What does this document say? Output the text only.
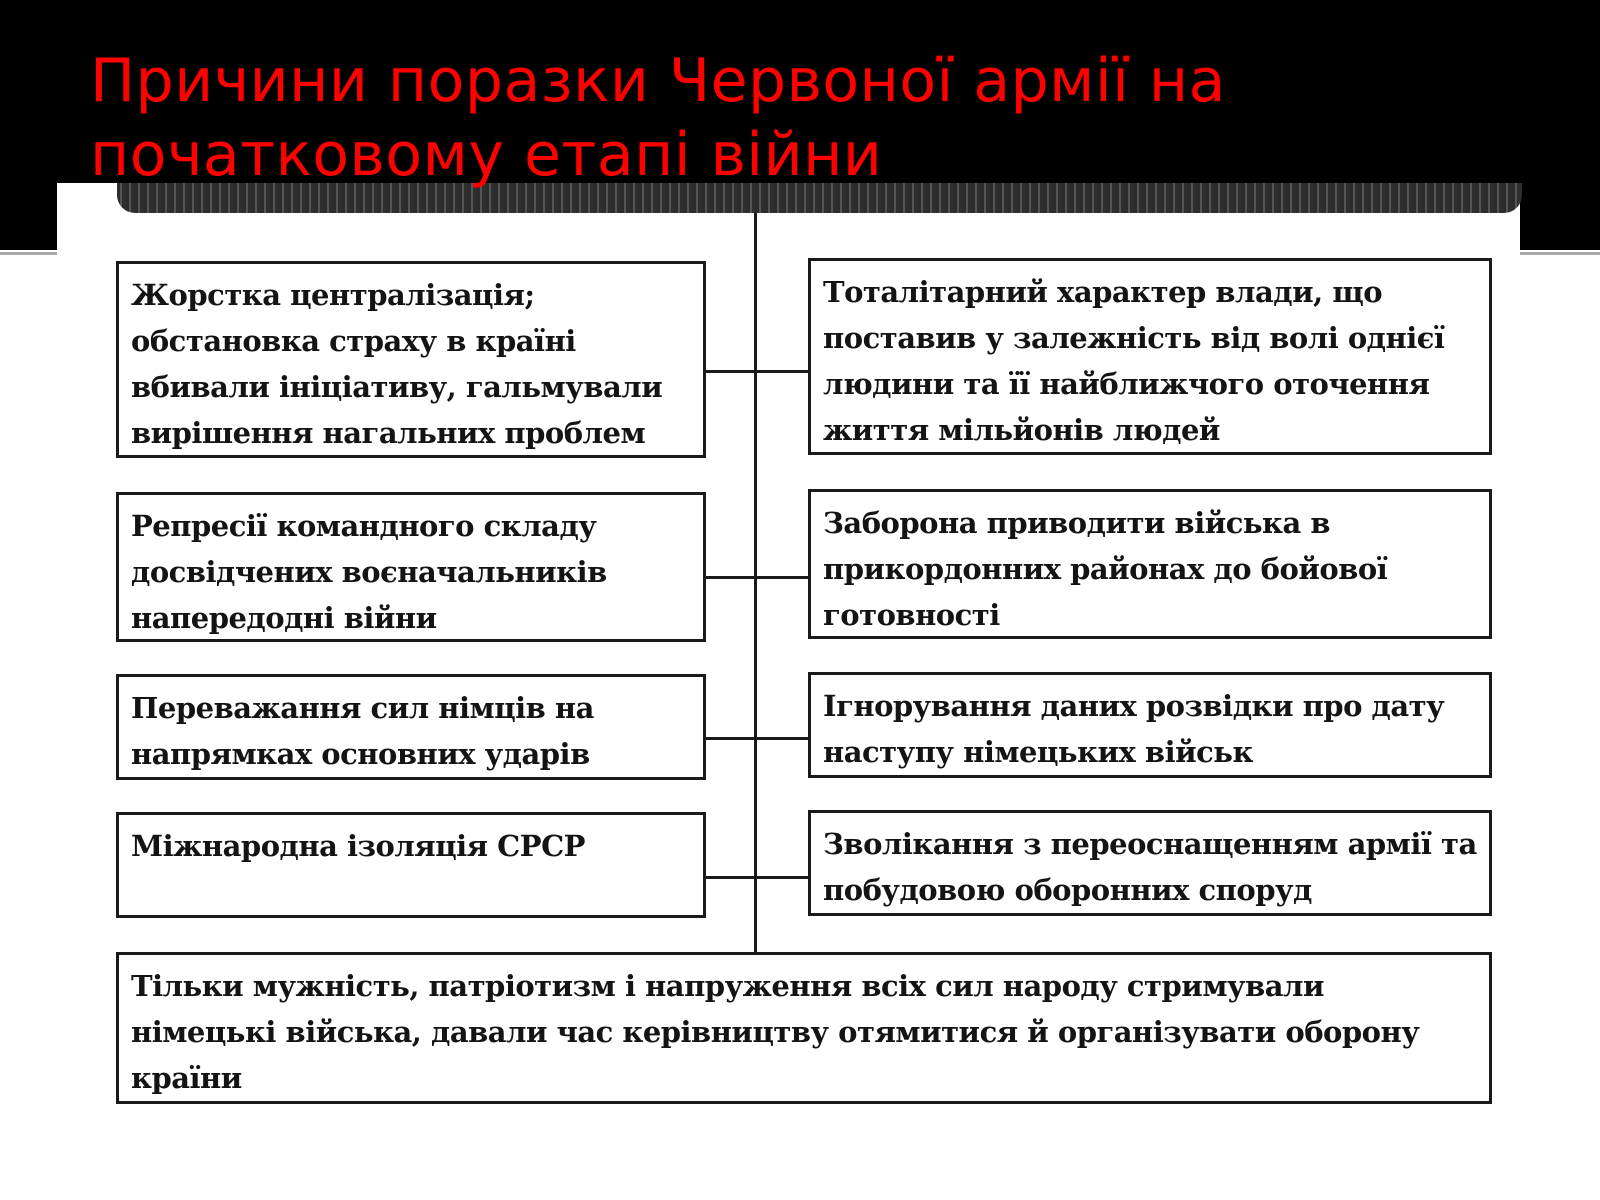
Причини поразки Червоної армії на початковому етапі війни
Жорстка централізація; обстановка страху в країні вбивали ініціативу, гальмували вирішення нагальних проблем
Репресії командного складу досвідчених воєначальників напередодні війни
Переважання сил німців на напрямках основних ударів
Міжнародна ізоляція СРСР
Тоталітарний характер влади, що поставив у залежність від волі однієї людини та її найближчого оточення життя мільйонів людей
Заборона приводити війська в прикордонних районах до бойової готовності
Ігнорування даних розвідки про дату наступу німецьких військ
Зволікання з переоснащенням армії та побудовою оборонних споруд
Тільки мужність, патріотизм і напруження всіх сил народу стримували німецькі війська, давали час керівництву отямитися й організувати оборону країни
